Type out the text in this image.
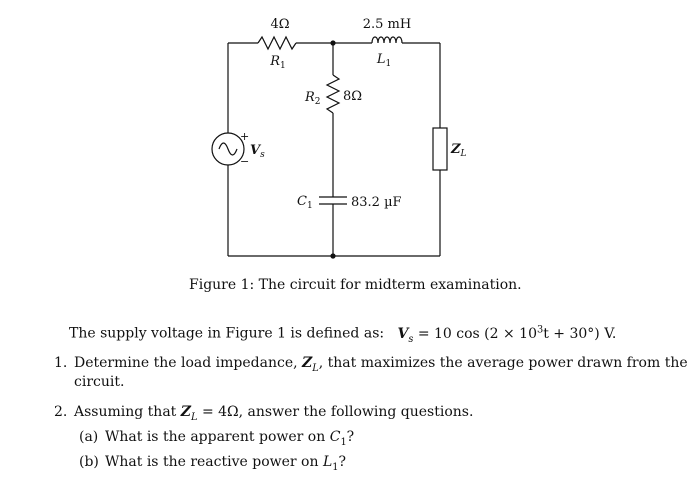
4Ω
$R_1$
2.5 mH
$L_1$
$R_2$ 8Ω
$C_1$	83.2 µF
$Z_L$
+
−
$V_s$
Figure 1: The circuit for midterm examination.
The supply voltage in Figure 1 is defined as: $V_s = 10$ $\cos (2 \times 10^3t + 30^\circ)$ V.
1. Determine the load impedance, $Z_L$, that maximizes the average power drawn from the
circuit.
2. Assuming that $Z_L = 4\Omega$, answer the following questions.
(a) What is the apparent power on $C_1$?
(b) What is the reactive power on $L_1$?
